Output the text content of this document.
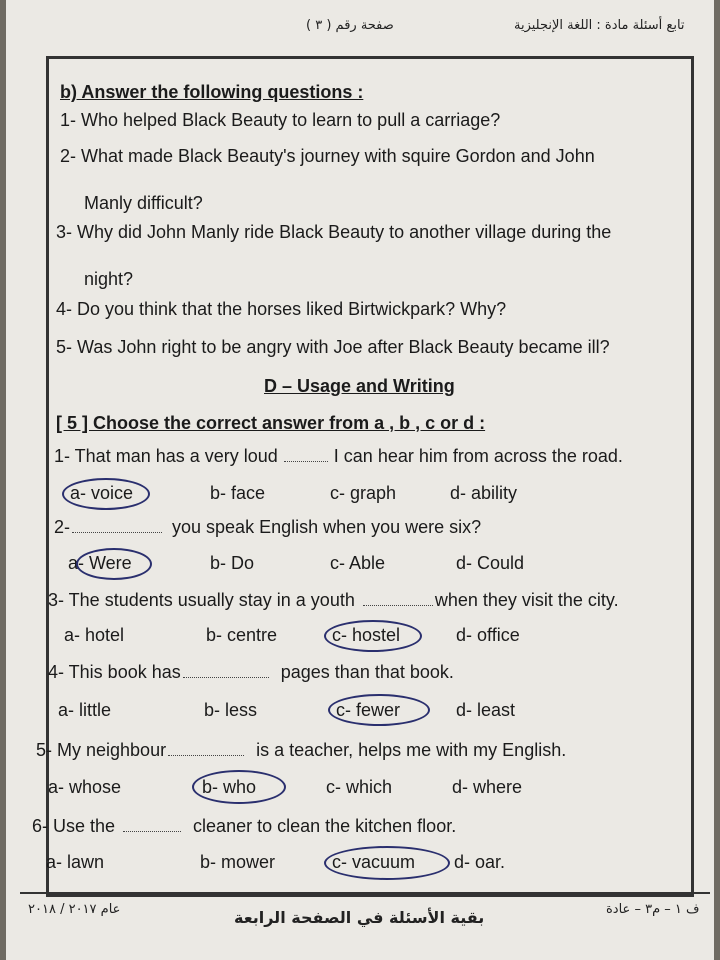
تابع أسئلة مادة : اللغة الإنجليزية
صفحة رقم ( ٣ )
b) Answer the following questions :
1- Who helped Black Beauty to learn to pull a carriage?
2- What made Black Beauty's journey with squire Gordon and John
Manly difficult?
3- Why did John Manly ride Black Beauty to another village during the
night?
4- Do you think that the horses liked Birtwickpark? Why?
5- Was John right to be angry with Joe after Black Beauty became ill?
D – Usage and Writing
[ 5 ] Choose the correct answer from a , b , c or d :
1- That man has a very loud	I can hear him from across the road.
a- voice	b- face	c- graph	d- ability
2-	you speak English when you were six?
a- Were	b- Do	c- Able	d- Could
3- The students usually stay in a youth	when they visit the city.
a- hotel	b- centre	c- hostel	d- office
4- This book has	pages than that book.
a- little	b- less	c- fewer	d- least
5- My neighbour	is a teacher, helps me with my English.
a- whose	b- who	c- which	d- where
6- Use the	cleaner to clean the kitchen floor.
a- lawn	b- mower	c- vacuum d- oar.
عام ٢٠١٧ / ٢٠١٨	بقية الأسئلة في الصفحة الرابعة	ف ١ – م٣ – عادة
